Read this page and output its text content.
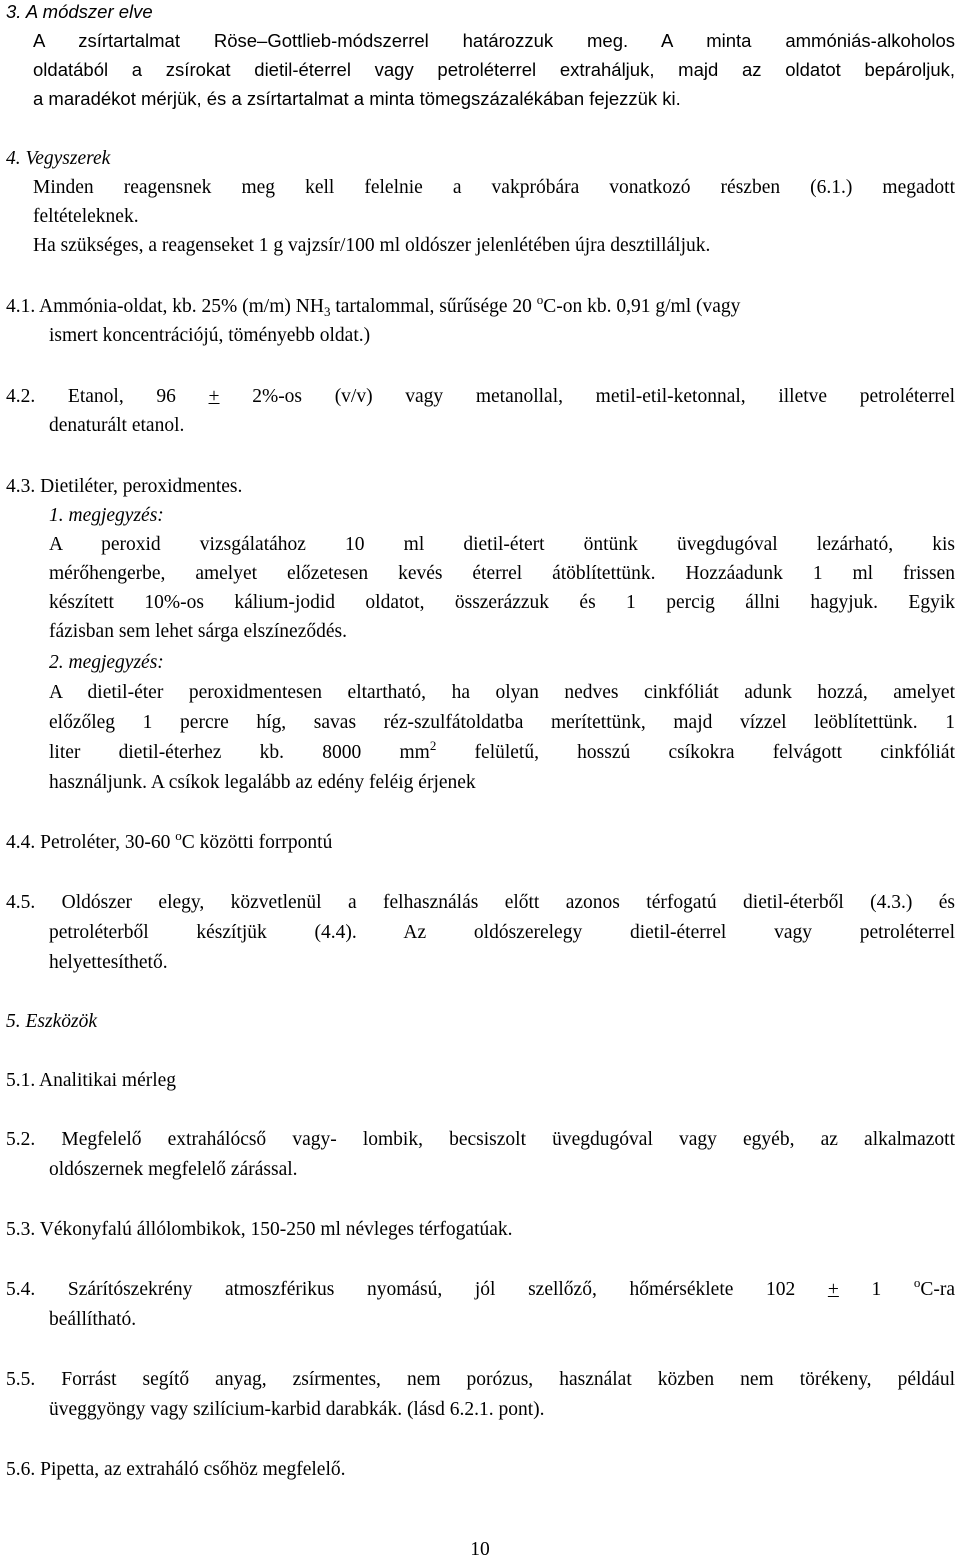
3. A módszer elve
A zsírtartalmat Röse–Gottlieb-módszerrel határozzuk meg. A minta ammóniás-alkoholos
oldatából a zsírokat dietil-éterrel vagy petroléterrel extraháljuk, majd az oldatot bepároljuk,
a maradékot mérjük, és a zsírtartalmat a minta tömegszázalékában fejezzük ki.
4. Vegyszerek
Minden reagensnek meg kell felelnie a vakpróbára vonatkozó részben (6.1.) megadott
feltételeknek.
Ha szükséges, a reagenseket 1 g vajzsír/100 ml oldószer jelenlétében újra desztilláljuk.
4.1. Ammónia-oldat, kb. 25% (m/m) $NH_3$ tartalommal, sűrűsége 20 $^o$C-on kb. 0,91 g/ml (vagy
ismert koncentrációjú, töményebb oldat.)
4.2. Etanol, 96 + 2%-os (v/v) vagy metanollal, metil-etil-ketonnal, illetve petroléterrel
denaturált etanol.
4.3. Dietiléter, peroxidmentes.
1. megjegyzés:
A peroxid vizsgálatához 10 ml dietil-étert öntünk üvegdugóval lezárható, kis
mérőhengerbe, amelyet előzetesen kevés éterrel átöblítettünk. Hozzáadunk 1 ml frissen
készített 10%-os kálium-jodid oldatot, összerázzuk és 1 percig állni hagyjuk. Egyik
fázisban sem lehet sárga elszíneződés.
2. megjegyzés:
A dietil-éter peroxidmentesen eltartható, ha olyan nedves cinkfóliát adunk hozzá, amelyet
előzőleg 1 percre híg, savas réz-szulfátoldatba merítettünk, majd vízzel leöblítettünk. 1
liter dietil-éterhez kb. 8000 $mm^2$ felületű, hosszú csíkokra felvágott cinkfóliát
használjunk. A csíkok legalább az edény feléig érjenek
4.4. Petroléter, 30-60 $^o$C közötti forrpontú
4.5. Oldószer elegy, közvetlenül a felhasználás előtt azonos térfogatú dietil-éterből (4.3.) és
petroléterből készítjük (4.4). Az oldószerelegy dietil-éterrel vagy petroléterrel
helyettesíthető.
5. Eszközök
5.1. Analitikai mérleg
5.2. Megfelelő extrahálócső vagy- lombik, becsiszolt üvegdugóval vagy egyéb, az alkalmazott
oldószernek megfelelő zárással.
5.3. Vékonyfalú állólombikok, 150-250 ml névleges térfogatúak.
5.4. Szárítószekrény atmoszférikus nyomású, jól szellőző, hőmérséklete 102 + 1 $^o$C-ra
beállítható.
5.5. Forrást segítő anyag, zsírmentes, nem porózus, használat közben nem törékeny, például
üveggyöngy vagy szilícium-karbid darabkák. (lásd 6.2.1. pont).
5.6. Pipetta, az extraháló csőhöz megfelelő.
10
